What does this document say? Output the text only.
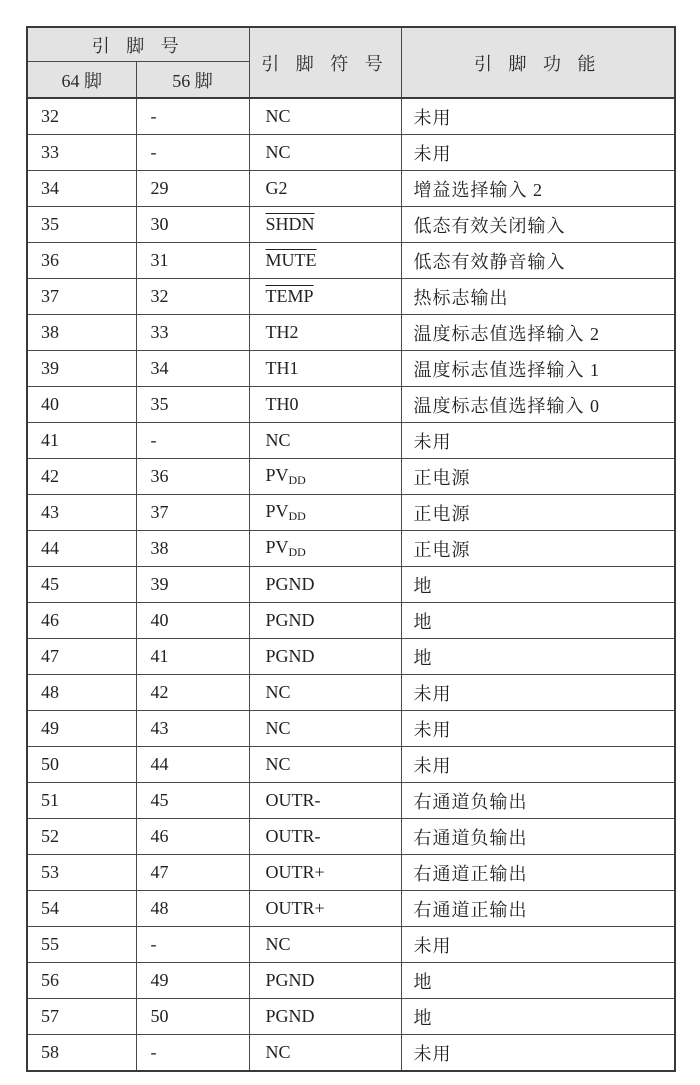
引 脚 号		引 脚 符 号	引 脚 功 能
64 脚	56 脚		
32	-	NC	未用
33	-	NC	未用
34	29	G2	增益选择输入 2
35	30	SHDN	低态有效关闭输入
36	31	MUTE	低态有效静音输入
37	32	TEMP	热标志输出
38	33	TH2	温度标志值选择输入 2
39	34	TH1	温度标志值选择输入 1
40	35	TH0	温度标志值选择输入 0
41	-	NC	未用
42	36	PVDD	正电源
43	37	PVDD	正电源
44	38	PVDD	正电源
45	39	PGND	地
46	40	PGND	地
47	41	PGND	地
48	42	NC	未用
49	43	NC	未用
50	44	NC	未用
51	45	OUTR-	右通道负输出
52	46	OUTR-	右通道负输出
53	47	OUTR+	右通道正输出
54	48	OUTR+	右通道正输出
55	-	NC	未用
56	49	PGND	地
57	50	PGND	地
58	-	NC	未用
